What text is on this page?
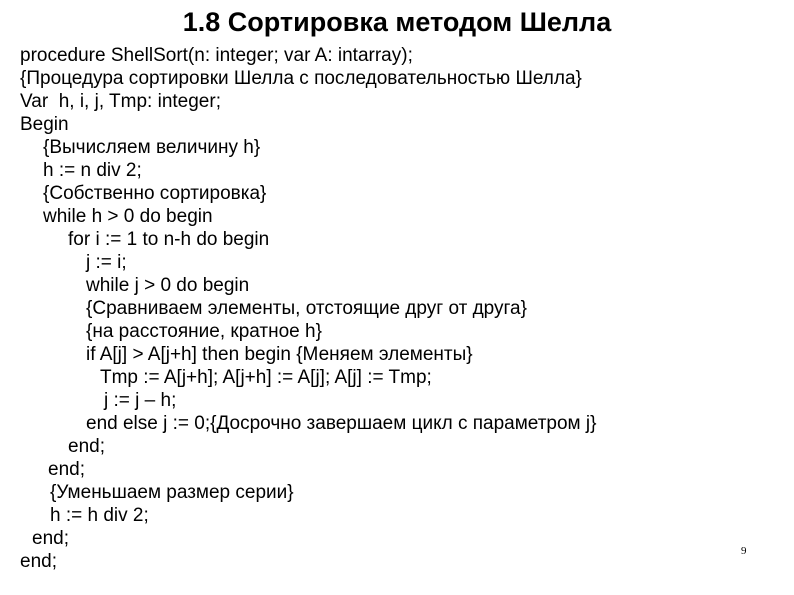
1.8 Сортировка методом Шелла
procedure ShellSort(n: integer; var A: intarray);
{Процедура сортировки Шелла с последовательностью Шелла}
Var  h, i, j, Tmp: integer;
Begin
{Вычисляем величину h}
h := n div 2;
{Собственно сортировка}
while h > 0 do begin
for i := 1 to n-h do begin
j := i;
while j > 0 do begin
{Сравниваем элементы, отстоящие друг от друга}
{на расстояние, кратное h}
if A[j] > A[j+h] then begin {Меняем элементы}
Tmp := A[j+h]; A[j+h] := A[j]; A[j] := Tmp;
j := j – h;
end else j := 0;{Досрочно завершаем цикл с параметром j}
end;
end;
{Уменьшаем размер серии}
h := h div 2;
end;
end;	9
